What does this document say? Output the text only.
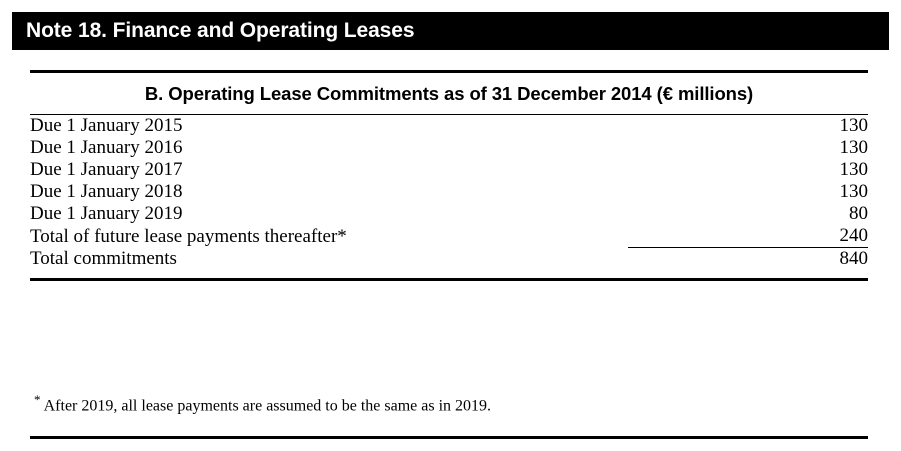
Note 18. Finance and Operating Leases
B. Operating Lease Commitments as of 31 December 2014 (€ millions)
Due 1 January 2015	130
Due 1 January 2016	130
Due 1 January 2017	130
Due 1 January 2018	130
Due 1 January 2019	80
Total of future lease payments thereafter*	240
Total commitments	840
* After 2019, all lease payments are assumed to be the same as in 2019.
